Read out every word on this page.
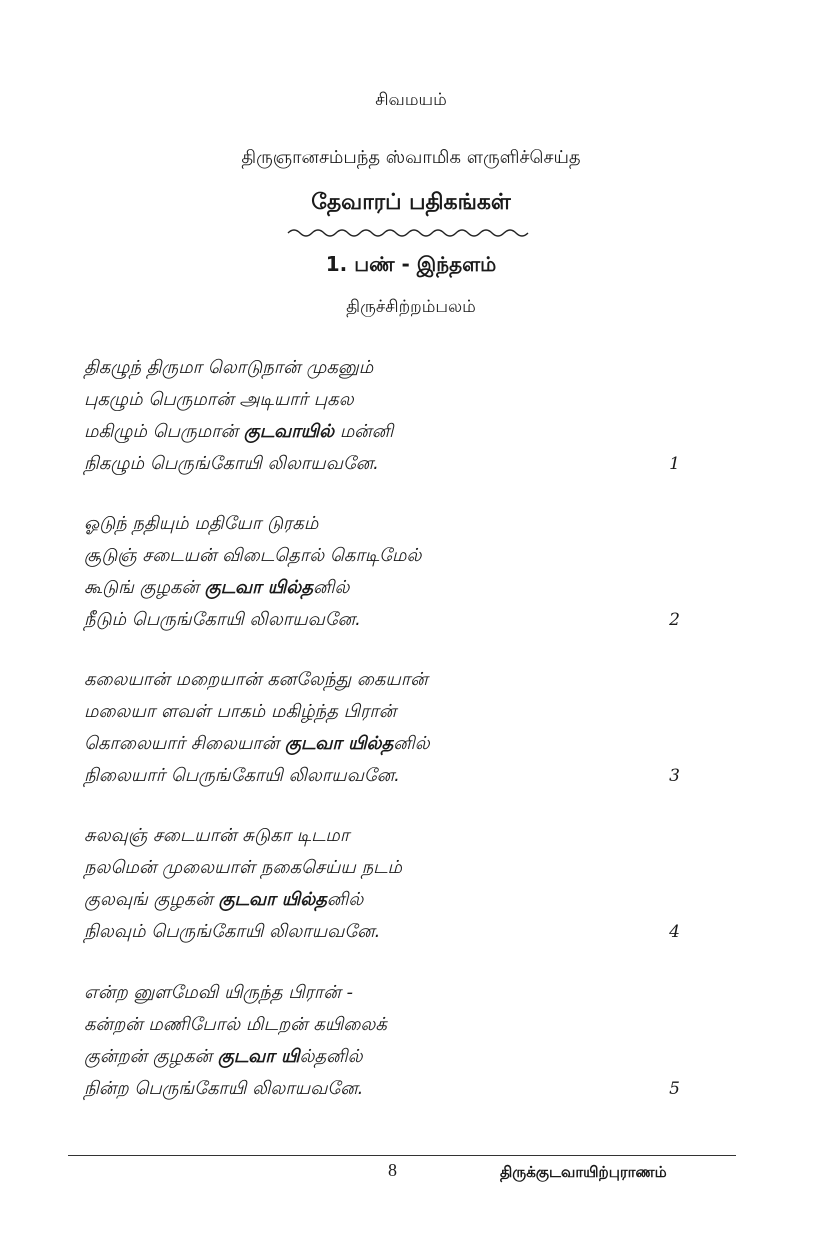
சிவமயம்
திருஞானசம்பந்த ஸ்வாமிக ளருளிச்செய்த
தேவாரப் பதிகங்கள்
1. பண் - இந்தளம்
திருச்சிற்றம்பலம்
திகழுந் திருமா லொடுநான் முகனும்
புகழும் பெருமான் அடியார் புகல
மகிழும் பெருமான் குடவாயில் மன்னி
நிகழும் பெருங்கோயி லிலாயவனே.	1
ஓடுந் நதியும் மதியோ டுரகம்
சூடுஞ் சடையன் விடைதொல் கொடிமேல்
கூடுங் குழகன் குடவா யில்தனில்
நீடும் பெருங்கோயி லிலாயவனே.	2
கலையான் மறையான் கனலேந்து கையான்
மலையா ளவள் பாகம் மகிழ்ந்த பிரான்
கொலையார் சிலையான் குடவா யில்தனில்
நிலையார் பெருங்கோயி லிலாயவனே.	3
சுலவுஞ் சடையான் சுடுகா டிடமா
நலமென் முலையாள் நகைசெய்ய நடம்
குலவுங் குழகன் குடவா யில்தனில்
நிலவும் பெருங்கோயி லிலாயவனே.	4
என்ற னுளமேவி யிருந்த பிரான் -
கன்றன் மணிபோல் மிடறன் கயிலைக்
குன்றன் குழகன் குடவா யில்தனில்
நின்ற பெருங்கோயி லிலாயவனே.	5
8	திருக்குடவாயிற்புராணம்
